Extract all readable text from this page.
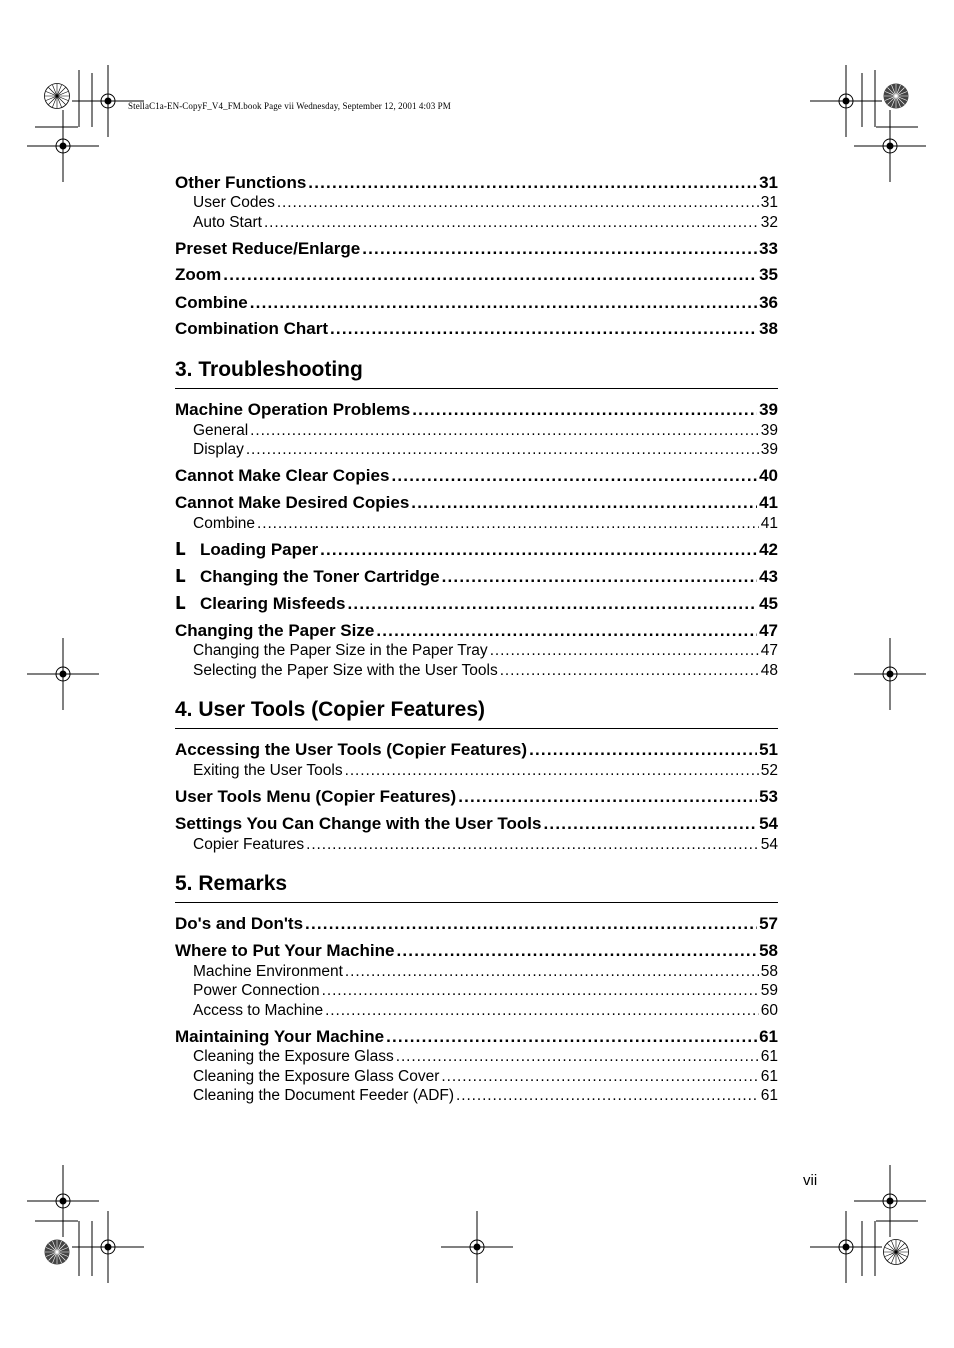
StellaC1a-EN-CopyF_V4_FM.book Page vii Wednesday, September 12, 2001 4:03 PM
Other Functions .....	31
User Codes .....	31
Auto Start .....	32
Preset Reduce/Enlarge .....	33
Zoom .....	35
Combine .....	36
Combination Chart .....	38
3. Troubleshooting
Machine Operation Problems .....	39
General .....	39
Display .....	39
Cannot Make Clear Copies .....	40
Cannot Make Desired Copies .....	41
Combine .....	41
ᒪ Loading Paper .....	42
ᒪ Changing the Toner Cartridge .....	43
ᒪ Clearing Misfeeds .....	45
Changing the Paper Size .....	47
Changing the Paper Size in the Paper Tray .....	47
Selecting the Paper Size with the User Tools .....	48
4. User Tools (Copier Features)
Accessing the User Tools (Copier Features) .....	51
Exiting the User Tools .....	52
User Tools Menu (Copier Features) .....	53
Settings You Can Change with the User Tools .....	54
Copier Features .....	54
5. Remarks
Do's and Don'ts .....	57
Where to Put Your Machine .....	58
Machine Environment .....	58
Power Connection .....	59
Access to Machine .....	60
Maintaining Your Machine .....	61
Cleaning the Exposure Glass .....	61
Cleaning the Exposure Glass Cover .....	61
Cleaning the Document Feeder (ADF) .....	61
vii
